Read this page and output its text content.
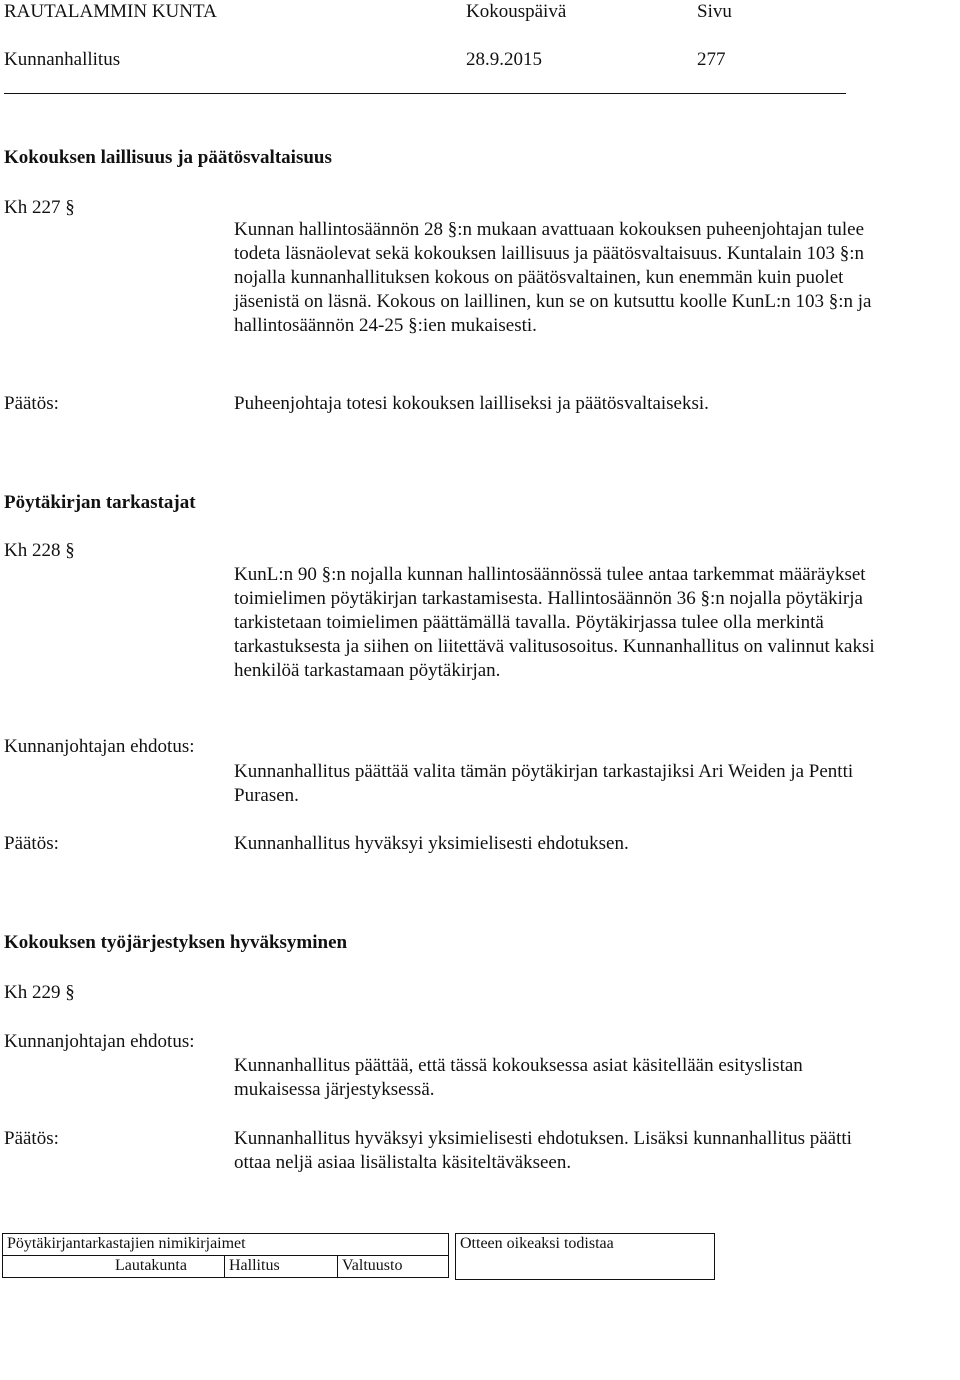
RAUTALAMMIN KUNTA	Kokouspäivä	Sivu
Kunnanhallitus	28.9.2015	277
Kokouksen laillisuus ja päätösvaltaisuus
Kh 227 §
Kunnan hallintosäännön 28 §:n mukaan avattuaan kokouksen puheenjohtajan tulee todeta läsnäolevat sekä kokouksen laillisuus ja päätösvaltaisuus. Kuntalain 103 §:n nojalla kunnanhallituksen kokous on päätösvaltainen, kun enemmän kuin puolet jäsenistä on läsnä. Kokous on laillinen, kun se on kutsuttu koolle KunL:n 103 §:n ja hallintosäännön 24-25 §:ien mukaisesti.
Päätös:	Puheenjohtaja totesi kokouksen lailliseksi ja päätösvaltaiseksi.
Pöytäkirjan tarkastajat
Kh 228 §
KunL:n 90 §:n nojalla kunnan hallintosäännössä tulee antaa tarkemmat määräykset toimielimen pöytäkirjan tarkastamisesta. Hallintosäännön 36 §:n nojalla pöytäkirja tarkistetaan toimielimen päättämällä tavalla. Pöytäkirjassa tulee olla merkintä tarkastuksesta ja siihen on liitettävä valitusosoitus. Kunnanhallitus on valinnut kaksi henkilöä tarkastamaan pöytäkirjan.
Kunnanjohtajan ehdotus:
Kunnanhallitus päättää valita tämän pöytäkirjan tarkastajiksi Ari Weiden ja Pentti Purasen.
Päätös:	Kunnanhallitus hyväksyi yksimielisesti ehdotuksen.
Kokouksen työjärjestyksen hyväksyminen
Kh 229 §
Kunnanjohtajan ehdotus:
Kunnanhallitus päättää, että tässä kokouksessa asiat käsitellään esityslistan mukaisessa järjestyksessä.
Päätös:	Kunnanhallitus hyväksyi yksimielisesti ehdotuksen. Lisäksi kunnanhallitus päätti ottaa neljä asiaa lisälistalta käsiteltäväkseen.
Pöytäkirjantarkastajien nimikirjaimet
Lautakunta	Hallitus	Valtuusto
Otteen oikeaksi todistaa
